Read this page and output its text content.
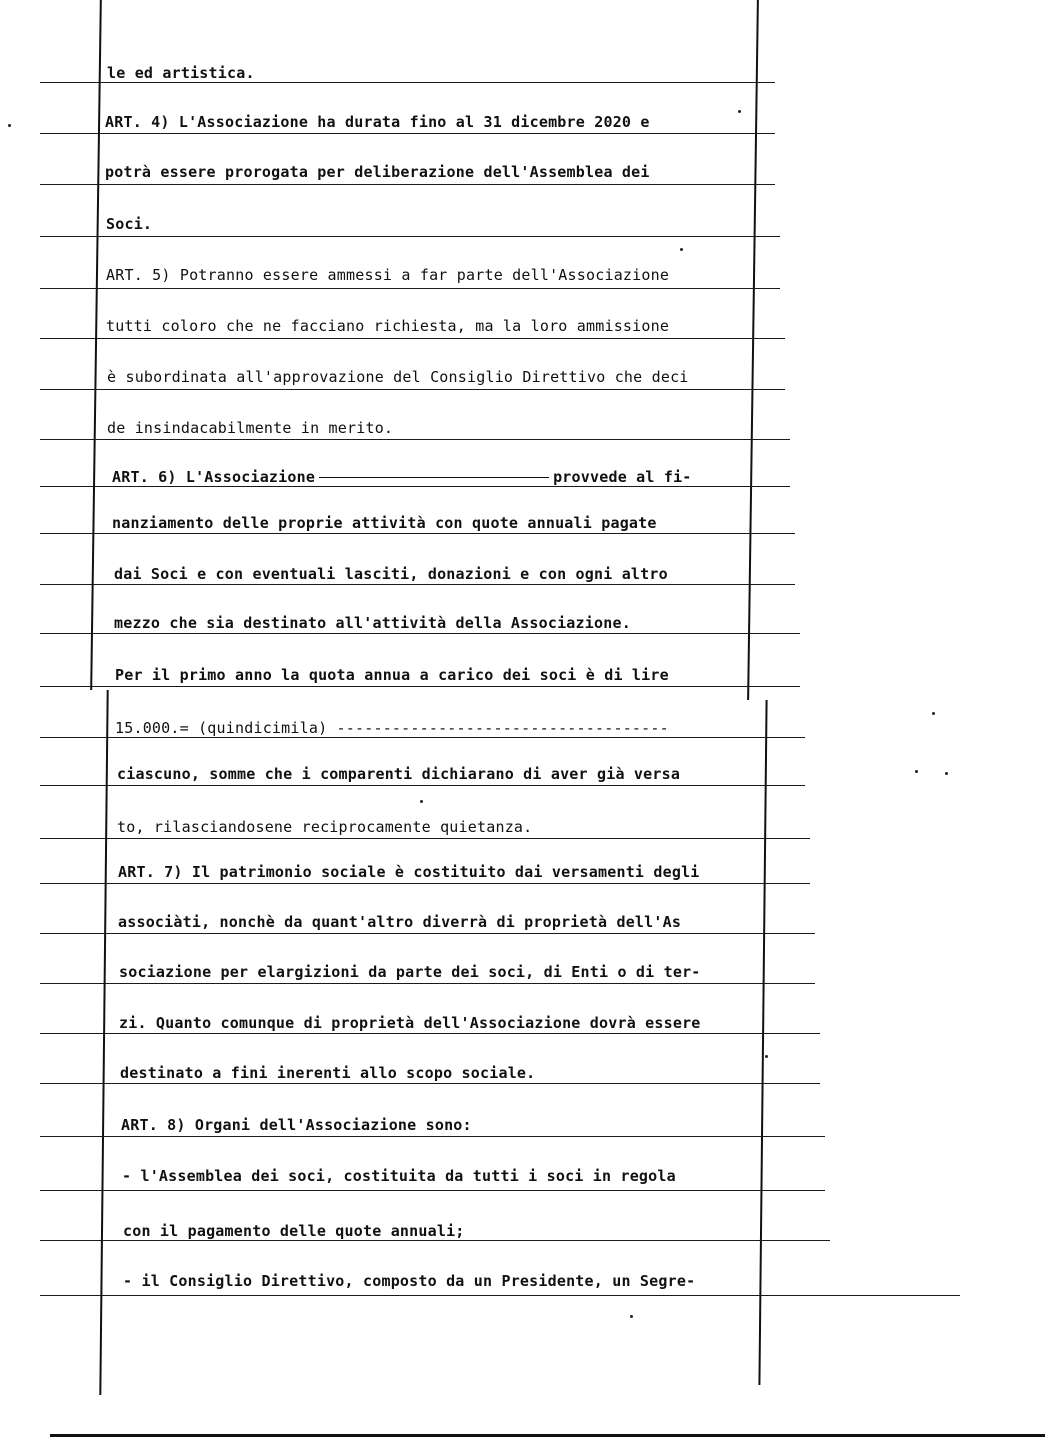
le ed artistica.
ART. 4) L'Associazione ha durata fino al 31 dicembre 2020 e
potrà essere prorogata per deliberazione dell'Assemblea dei
Soci.
ART. 5) Potranno essere ammessi a far parte dell'Associazione
tutti coloro che ne facciano richiesta, ma la loro ammissione
è subordinata all'approvazione del Consiglio Direttivo che deci
de insindacabilmente in merito.
ART. 6) L'Associazione	provvede al fi-
nanziamento delle proprie attività con quote annuali pagate
dai Soci e con eventuali lasciti, donazioni e con ogni altro
mezzo che sia destinato all'attività della Associazione.
Per il primo anno la quota annua a carico dei soci è di lire
15.000.= (quindicimila) ------------------------------------
ciascuno, somme che i comparenti dichiarano di aver già versa
to, rilasciandosene reciprocamente quietanza.
ART. 7) Il patrimonio sociale è costituito dai versamenti degli
associàti, nonchè da quant'altro diverrà di proprietà dell'As
sociazione per elargizioni da parte dei soci, di Enti o di ter-
zi. Quanto comunque di proprietà dell'Associazione dovrà essere
destinato a fini inerenti allo scopo sociale.
ART. 8) Organi dell'Associazione sono:
- l'Assemblea dei soci, costituita da tutti i soci in regola
con il pagamento delle quote annuali;
- il Consiglio Direttivo, composto da un Presidente, un Segre-
